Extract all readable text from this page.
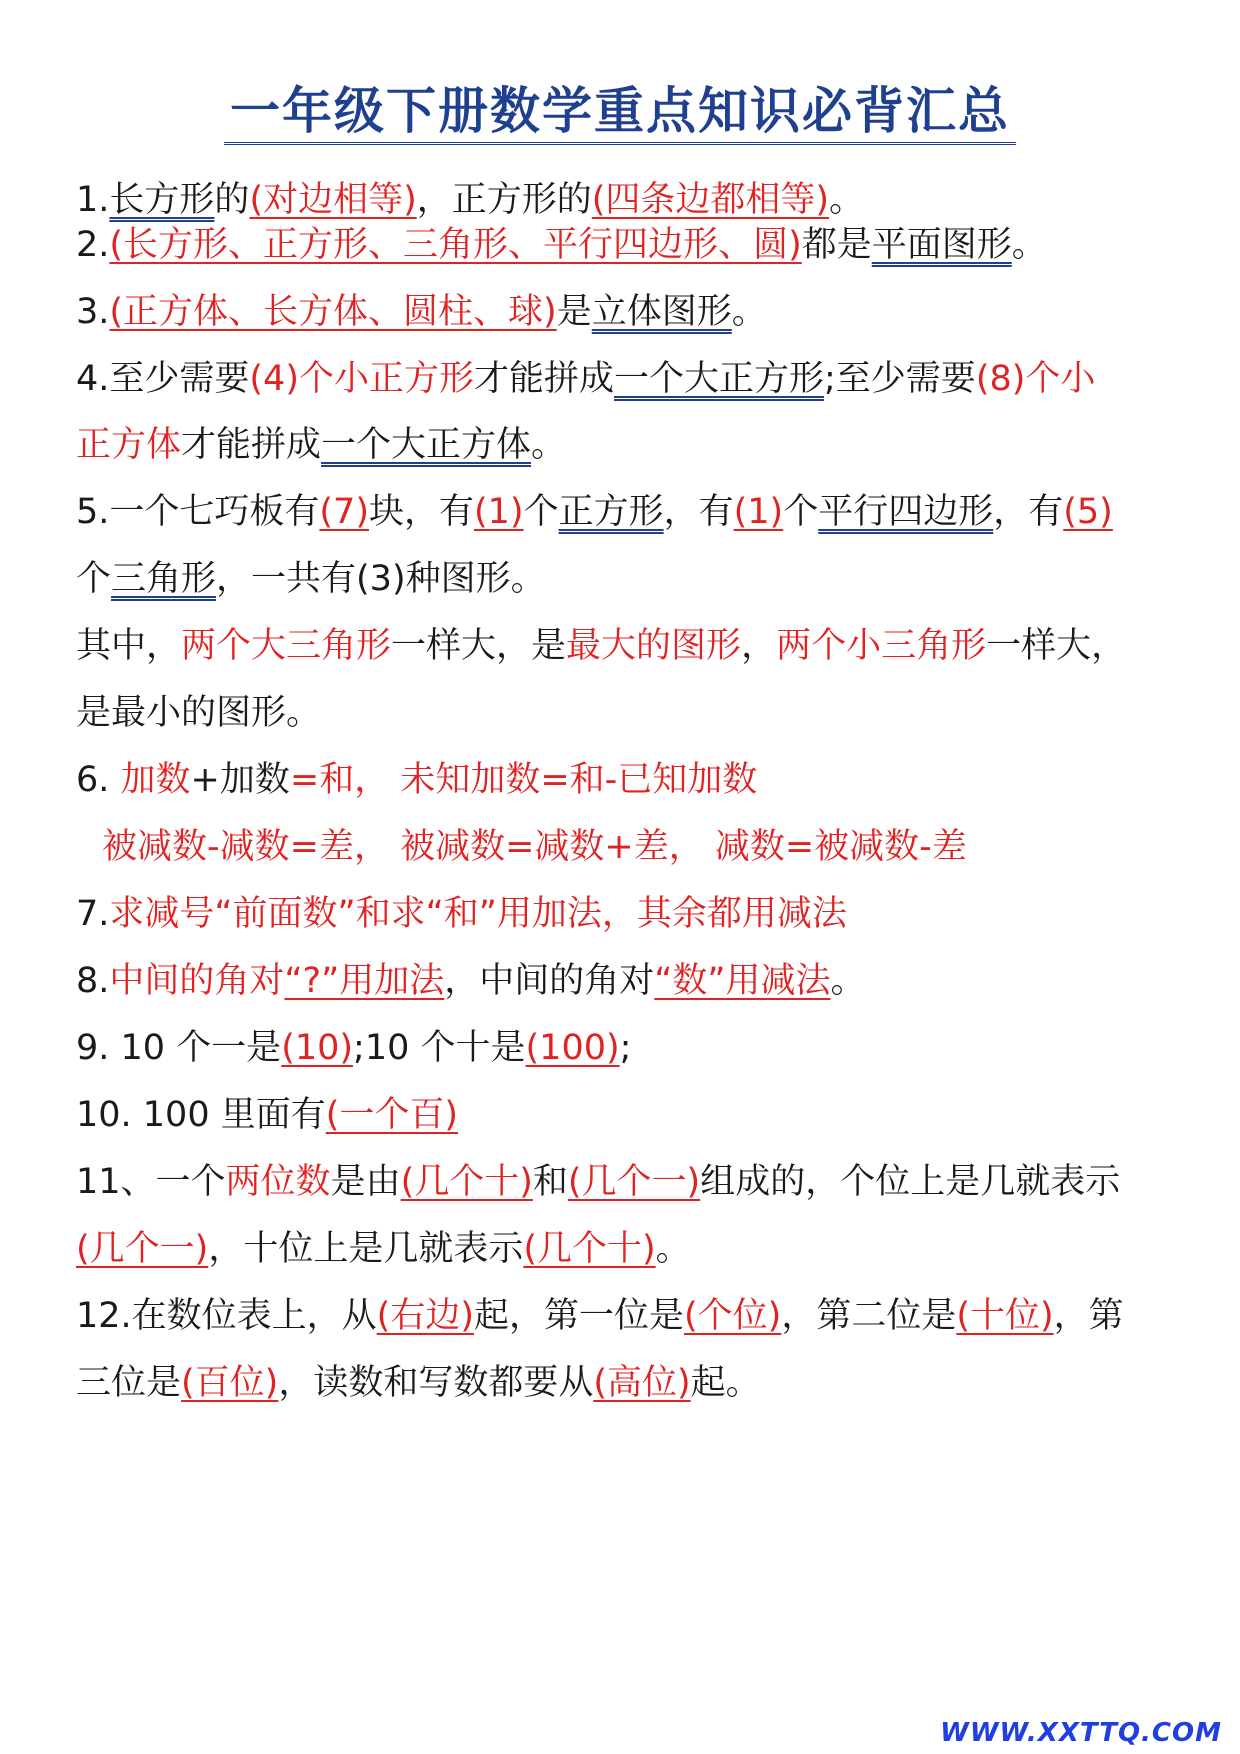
一年级下册数学重点知识必背汇总
1.长方形的(对边相等)，正方形的(四条边都相等)。
2.(长方形、正方形、三角形、平行四边形、圆)都是平面图形。
3.(正方体、长方体、圆柱、球)是立体图形。
4.至少需要(4)个小正方形才能拼成一个大正方形;至少需要(8)个小
正方体才能拼成一个大正方体。
5.一个七巧板有(7)块，有(1)个正方形，有(1)个平行四边形，有(5)
个三角形，一共有(3)种图形。
其中，两个大三角形一样大，是最大的图形，两个小三角形一样大，
是最小的图形。
6. 加数+加数=和， 未知加数=和-已知加数
被减数-减数=差， 被减数=减数+差， 减数=被减数-差
7.求减号“前面数”和求“和”用加法，其余都用减法
8.中间的角对“?”用加法，中间的角对“数”用减法。
9. 10 个一是(10);10 个十是(100);
10. 100 里面有(一个百)
11、一个两位数是由(几个十)和(几个一)组成的，个位上是几就表示
(几个一)，十位上是几就表示(几个十)。
12.在数位表上，从(右边)起，第一位是(个位)，第二位是(十位)，第
三位是(百位)，读数和写数都要从(高位)起。
WWW.XXTTQ.COM
